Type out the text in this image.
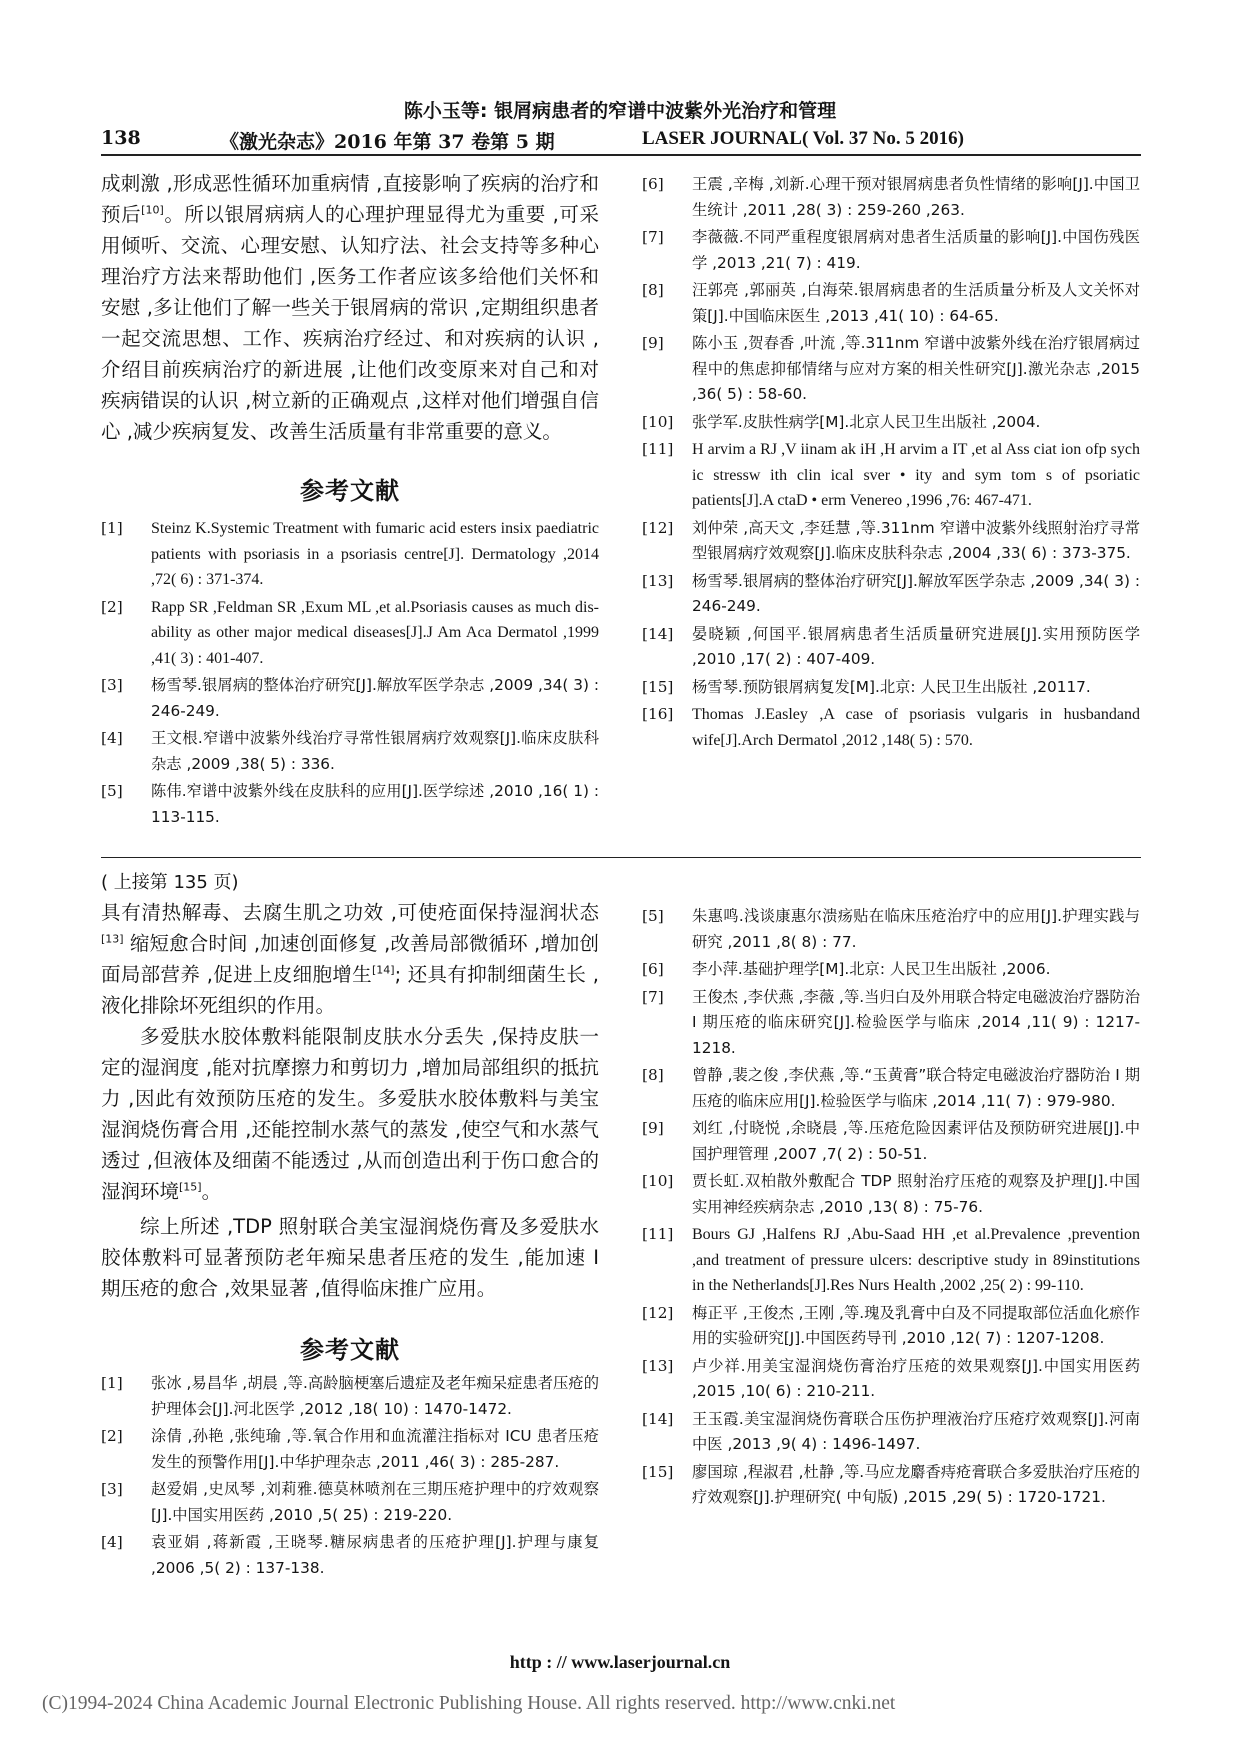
陈小玉等: 银屑病患者的窄谱中波紫外光治疗和管理
138	《激光杂志》2016 年第 37 卷第 5 期	LASER JOURNAL( Vol. 37 No. 5 2016)

成刺激 ,形成恶性循环加重病情 ,直接影响了疾病的治疗和预后[10]。所以银屑病病人的心理护理显得尤为重要 ,可采用倾听、交流、心理安慰、认知疗法、社会支持等多种心理治疗方法来帮助他们 ,医务工作者应该多给他们关怀和安慰 ,多让他们了解一些关于银屑病的常识 ,定期组织患者一起交流思想、工作、疾病治疗经过、和对疾病的认识 ,介绍目前疾病治疗的新进展 ,让他们改变原来对自己和对疾病错误的认识 ,树立新的正确观点 ,这样对他们增强自信心 ,减少疾病复发、改善生活质量有非常重要的意义。

参考文献
[1]	Steinz K.Systemic Treatment with fumaric acid esters insix paediatric patients with psoriasis in a psoriasis centre[J]. Dermatology ,2014 ,72( 6) : 371-374.
[2]	Rapp SR ,Feldman SR ,Exum ML ,et al.Psoriasis causes as much dis-ability as other major medical diseases[J].J Am Aca Dermatol ,1999 ,41( 3) : 401-407.
[3]	杨雪琴.银屑病的整体治疗研究[J].解放军医学杂志 ,2009 ,34( 3) : 246-249.
[4]	王文根.窄谱中波紫外线治疗寻常性银屑病疗效观察[J].临床皮肤科杂志 ,2009 ,38( 5) : 336.
[5]	陈伟.窄谱中波紫外线在皮肤科的应用[J].医学综述 ,2010 ,16( 1) : 113-115.
[6]	王震 ,辛梅 ,刘新.心理干预对银屑病患者负性情绪的影响[J].中国卫生统计 ,2011 ,28( 3) : 259-260 ,263.
[7]	李薇薇.不同严重程度银屑病对患者生活质量的影响[J].中国伤残医学 ,2013 ,21( 7) : 419.
[8]	汪郭亮 ,郭丽英 ,白海荣.银屑病患者的生活质量分析及人文关怀对策[J].中国临床医生 ,2013 ,41( 10) : 64-65.
[9]	陈小玉 ,贺春香 ,叶流 ,等.311nm 窄谱中波紫外线在治疗银屑病过程中的焦虑抑郁情绪与应对方案的相关性研究[J].激光杂志 ,2015 ,36( 5) : 58-60.
[10]	张学军.皮肤性病学[M].北京人民卫生出版社 ,2004.
[11]	H arvim a RJ ,V iinam ak iH ,H arvim a IT ,et al Ass ciat ion ofp sych ic stressw ith clin ical sver • ity and sym tom s of psoriatic patients[J].A ctaD • erm Venereo ,1996 ,76: 467-471.
[12]	刘仲荣 ,高天文 ,李廷慧 ,等.311nm 窄谱中波紫外线照射治疗寻常型银屑病疗效观察[J].临床皮肤科杂志 ,2004 ,33( 6) : 373-375.
[13]	杨雪琴.银屑病的整体治疗研究[J].解放军医学杂志 ,2009 ,34( 3) : 246-249.
[14]	晏晓颖 ,何国平.银屑病患者生活质量研究进展[J].实用预防医学 ,2010 ,17( 2) : 407-409.
[15]	杨雪琴.预防银屑病复发[M].北京: 人民卫生出版社 ,20117.
[16]	Thomas J.Easley ,A case of psoriasis vulgaris in husbandand wife[J].Arch Dermatol ,2012 ,148( 5) : 570.
( 上接第 135 页)

具有清热解毒、去腐生肌之功效 ,可使疮面保持湿润状态[13] 缩短愈合时间 ,加速创面修复 ,改善局部微循环 ,增加创面局部营养 ,促进上皮细胞增生[14]; 还具有抑制细菌生长 ,液化排除坏死组织的作用。

多爱肤水胶体敷料能限制皮肤水分丢失 ,保持皮肤一定的湿润度 ,能对抗摩擦力和剪切力 ,增加局部组织的抵抗力 ,因此有效预防压疮的发生。多爱肤水胶体敷料与美宝湿润烧伤膏合用 ,还能控制水蒸气的蒸发 ,使空气和水蒸气透过 ,但液体及细菌不能透过 ,从而创造出利于伤口愈合的湿润环境[15]。

综上所述 ,TDP 照射联合美宝湿润烧伤膏及多爱肤水胶体敷料可显著预防老年痴呆患者压疮的发生 ,能加速 I 期压疮的愈合 ,效果显著 ,值得临床推广应用。

参考文献
[1]	张冰 ,易昌华 ,胡晨 ,等.高龄脑梗塞后遗症及老年痴呆症患者压疮的护理体会[J].河北医学 ,2012 ,18( 10) : 1470-1472.
[2]	涂倩 ,孙艳 ,张纯瑜 ,等.氧合作用和血流灌注指标对 ICU 患者压疮发生的预警作用[J].中华护理杂志 ,2011 ,46( 3) : 285-287.
[3]	赵爱娟 ,史凤琴 ,刘莉雅.德莫林喷剂在三期压疮护理中的疗效观察[J].中国实用医药 ,2010 ,5( 25) : 219-220.
[4]	袁亚娟 ,蒋新霞 ,王晓琴.糖尿病患者的压疮护理[J].护理与康复 ,2006 ,5( 2) : 137-138.
[5]	朱惠鸣.浅谈康惠尔溃疡贴在临床压疮治疗中的应用[J].护理实践与研究 ,2011 ,8( 8) : 77.
[6]	李小萍.基础护理学[M].北京: 人民卫生出版社 ,2006.
[7]	王俊杰 ,李伏燕 ,李薇 ,等.当归白及外用联合特定电磁波治疗器防治 I 期压疮的临床研究[J].检验医学与临床 ,2014 ,11( 9) : 1217-1218.
[8]	曾静 ,裴之俊 ,李伏燕 ,等.“玉黄膏”联合特定电磁波治疗器防治 I 期压疮的临床应用[J].检验医学与临床 ,2014 ,11( 7) : 979-980.
[9]	刘红 ,付晓悦 ,余晓晨 ,等.压疮危险因素评估及预防研究进展[J].中国护理管理 ,2007 ,7( 2) : 50-51.
[10]	贾长虹.双柏散外敷配合 TDP 照射治疗压疮的观察及护理[J].中国实用神经疾病杂志 ,2010 ,13( 8) : 75-76.
[11]	Bours GJ ,Halfens RJ ,Abu-Saad HH ,et al.Prevalence ,prevention ,and treatment of pressure ulcers: descriptive study in 89institutions in the Netherlands[J].Res Nurs Health ,2002 ,25( 2) : 99-110.
[12]	梅正平 ,王俊杰 ,王刚 ,等.瑰及乳膏中白及不同提取部位活血化瘀作用的实验研究[J].中国医药导刊 ,2010 ,12( 7) : 1207-1208.
[13]	卢少祥.用美宝湿润烧伤膏治疗压疮的效果观察[J].中国实用医药 ,2015 ,10( 6) : 210-211.
[14]	王玉霞.美宝湿润烧伤膏联合压伤护理液治疗压疮疗效观察[J].河南中医 ,2013 ,9( 4) : 1496-1497.
[15]	廖国琼 ,程淑君 ,杜静 ,等.马应龙麝香痔疮膏联合多爱肤治疗压疮的疗效观察[J].护理研究( 中旬版) ,2015 ,29( 5) : 1720-1721.
http : // www.laserjournal.cn
(C)1994-2024 China Academic Journal Electronic Publishing House. All rights reserved. http://www.cnki.net
